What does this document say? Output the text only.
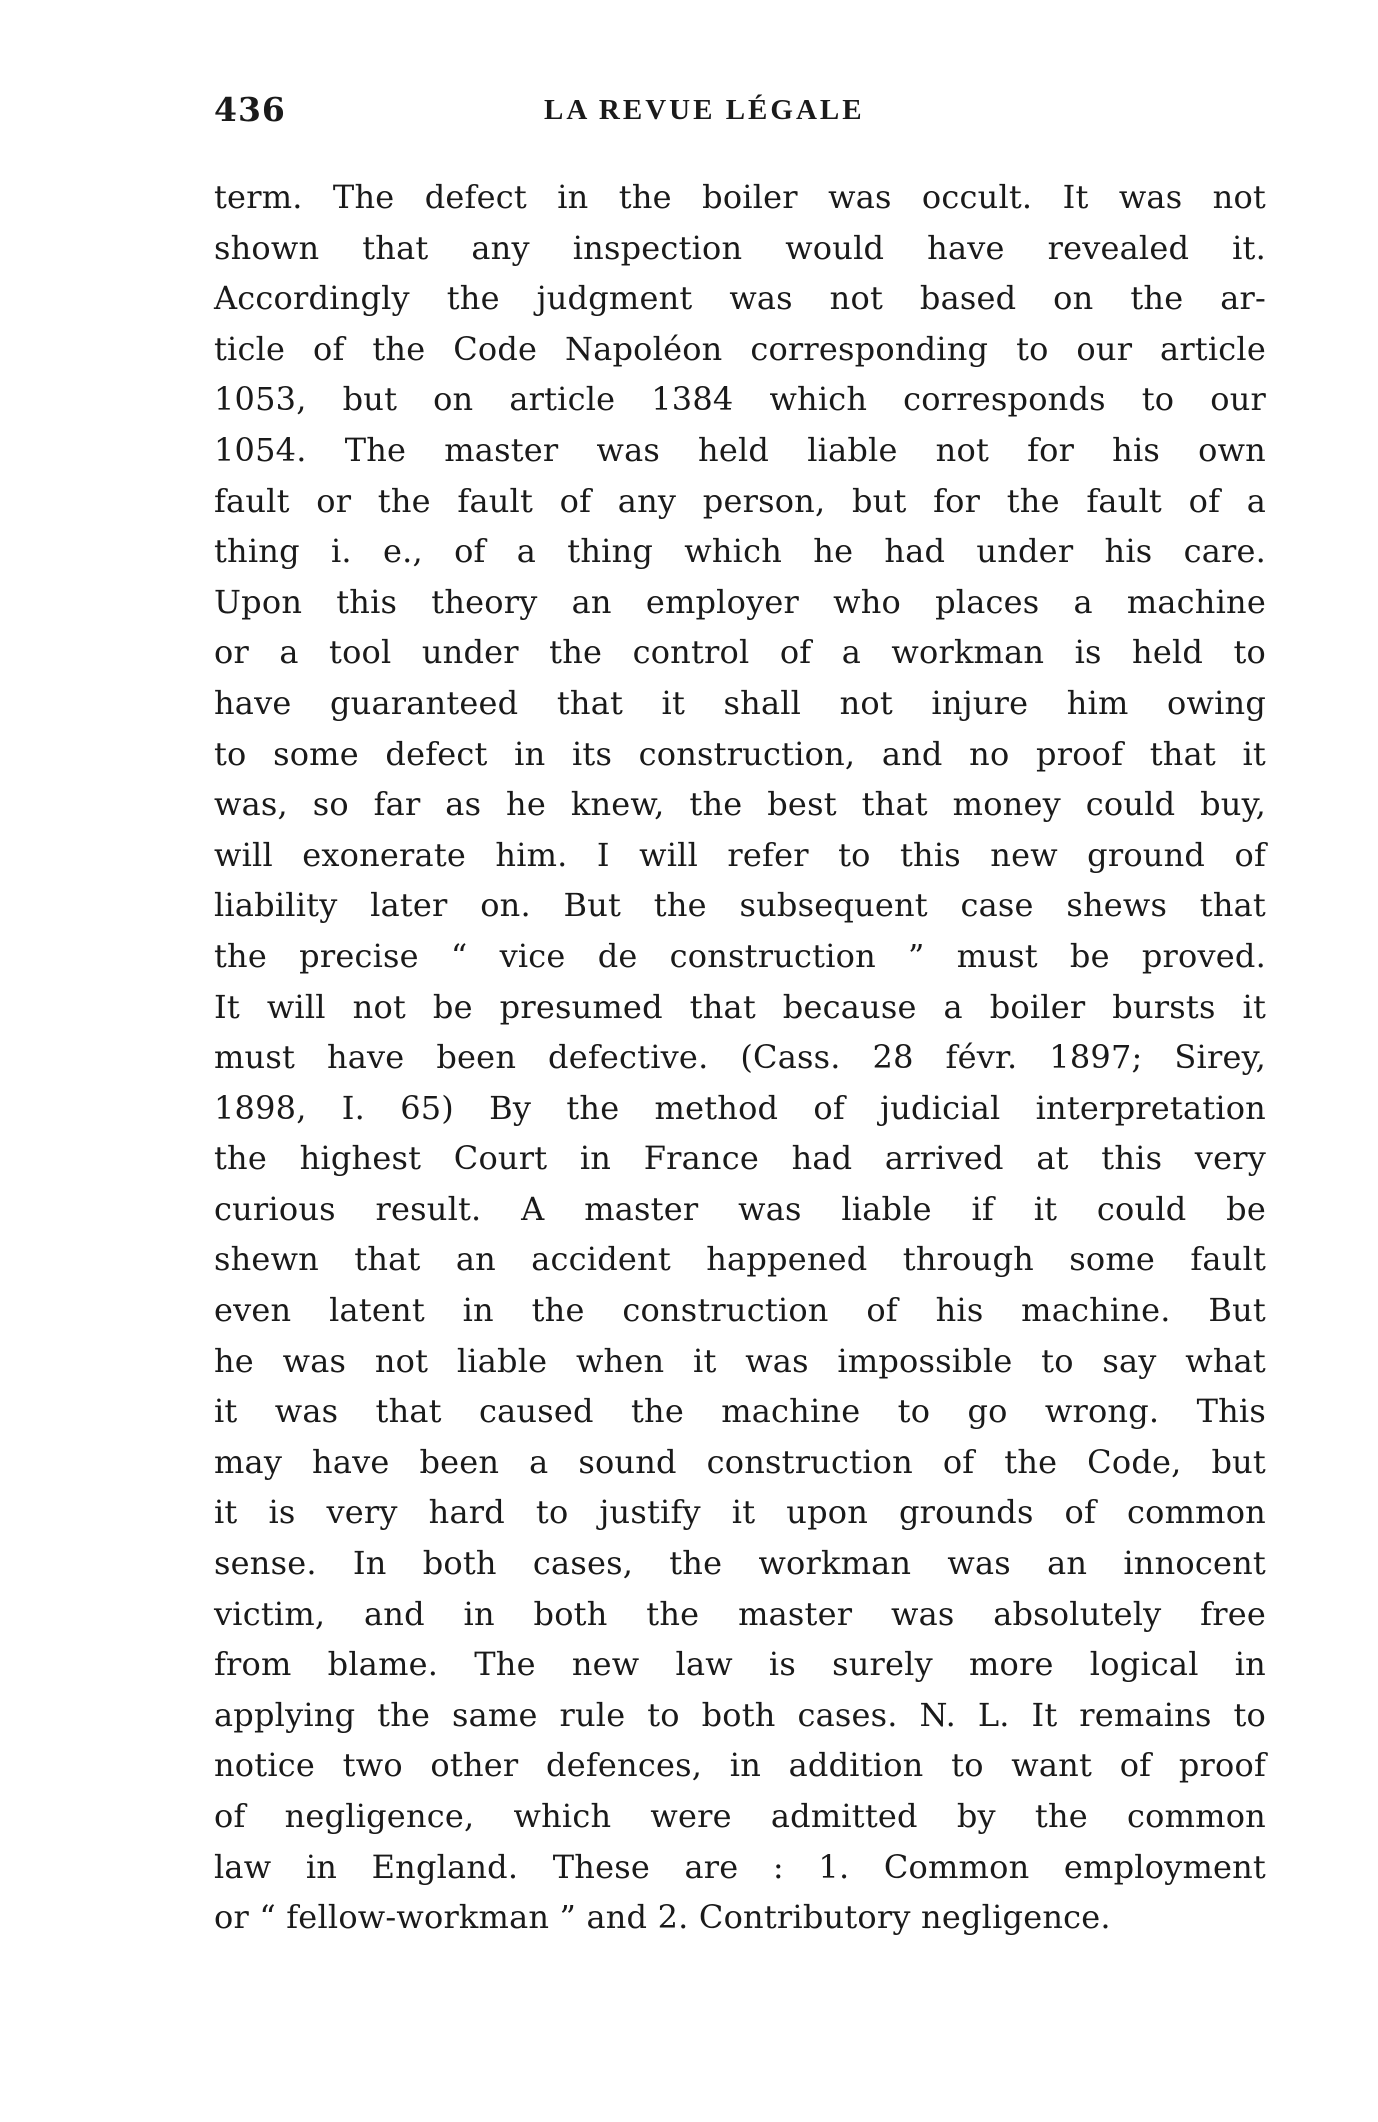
436	LA REVUE LÉGALE
term. The defect in the boiler was occult. It was not
shown that any inspection would have revealed it.
Accordingly the judgment was not based on the ar-
ticle of the Code Napoléon corresponding to our article
1053, but on article 1384 which corresponds to our
1054. The master was held liable not for his own
fault or the fault of any person, but for the fault of a
thing i. e., of a thing which he had under his care.
Upon this theory an employer who places a machine
or a tool under the control of a workman is held to
have guaranteed that it shall not injure him owing
to some defect in its construction, and no proof that it
was, so far as he knew, the best that money could buy,
will exonerate him. I will refer to this new ground of
liability later on. But the subsequent case shews that
the precise “ vice de construction ” must be proved.
It will not be presumed that because a boiler bursts it
must have been defective. (Cass. 28 févr. 1897; Sirey,
1898, I. 65) By the method of judicial interpretation
the highest Court in France had arrived at this very
curious result. A master was liable if it could be
shewn that an accident happened through some fault
even latent in the construction of his machine. But
he was not liable when it was impossible to say what
it was that caused the machine to go wrong. This
may have been a sound construction of the Code, but
it is very hard to justify it upon grounds of common
sense. In both cases, the workman was an innocent
victim, and in both the master was absolutely free
from blame. The new law is surely more logical in
applying the same rule to both cases. N. L. It remains to
notice two other defences, in addition to want of proof
of negligence, which were admitted by the common
law in England. These are : 1. Common employment
or “ fellow-workman ” and 2. Contributory negligence.
